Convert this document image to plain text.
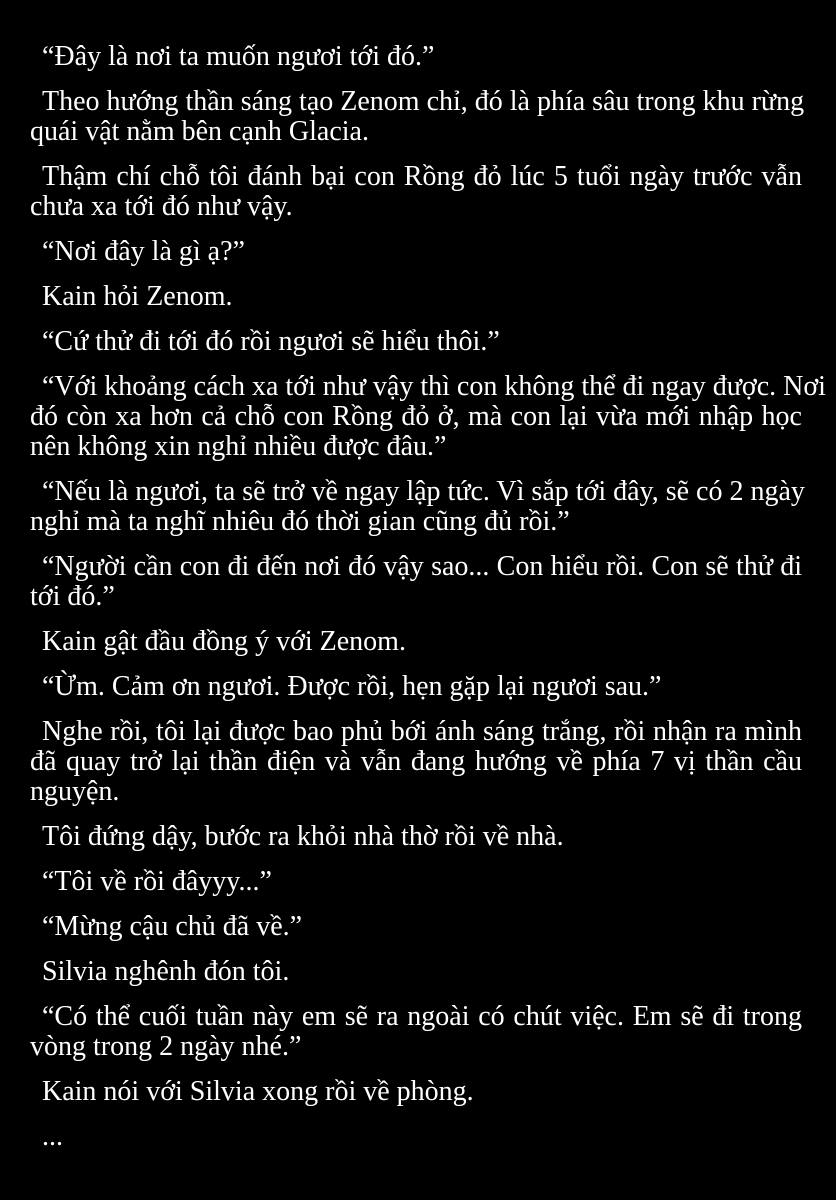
“Đây là nơi ta muốn ngươi tới đó.”
Theo hướng thần sáng tạo Zenom chỉ, đó là phía sâu trong khu rừng
quái vật nằm bên cạnh Glacia.
Thậm chí chỗ tôi đánh bại con Rồng đỏ lúc 5 tuổi ngày trước vẫn
chưa xa tới đó như vậy.
“Nơi đây là gì ạ?”
Kain hỏi Zenom.
“Cứ thử đi tới đó rồi ngươi sẽ hiểu thôi.”
“Với khoảng cách xa tới như vậy thì con không thể đi ngay được. Nơi
đó còn xa hơn cả chỗ con Rồng đỏ ở, mà con lại vừa mới nhập học
nên không xin nghỉ nhiều được đâu.”
“Nếu là ngươi, ta sẽ trở về ngay lập tức. Vì sắp tới đây, sẽ có 2 ngày
nghỉ mà ta nghĩ nhiêu đó thời gian cũng đủ rồi.”
“Người cần con đi đến nơi đó vậy sao... Con hiểu rồi. Con sẽ thử đi
tới đó.”
Kain gật đầu đồng ý với Zenom.
“Ừm. Cảm ơn ngươi. Được rồi, hẹn gặp lại ngươi sau.”
Nghe rồi, tôi lại được bao phủ bới ánh sáng trắng, rồi nhận ra mình
đã quay trở lại thần điện và vẫn đang hướng về phía 7 vị thần cầu
nguyện.
Tôi đứng dậy, bước ra khỏi nhà thờ rồi về nhà.
“Tôi về rồi đâyyy...”
“Mừng cậu chủ đã về.”
Silvia nghênh đón tôi.
“Có thể cuối tuần này em sẽ ra ngoài có chút việc. Em sẽ đi trong
vòng trong 2 ngày nhé.”
Kain nói với Silvia xong rồi về phòng.
...
